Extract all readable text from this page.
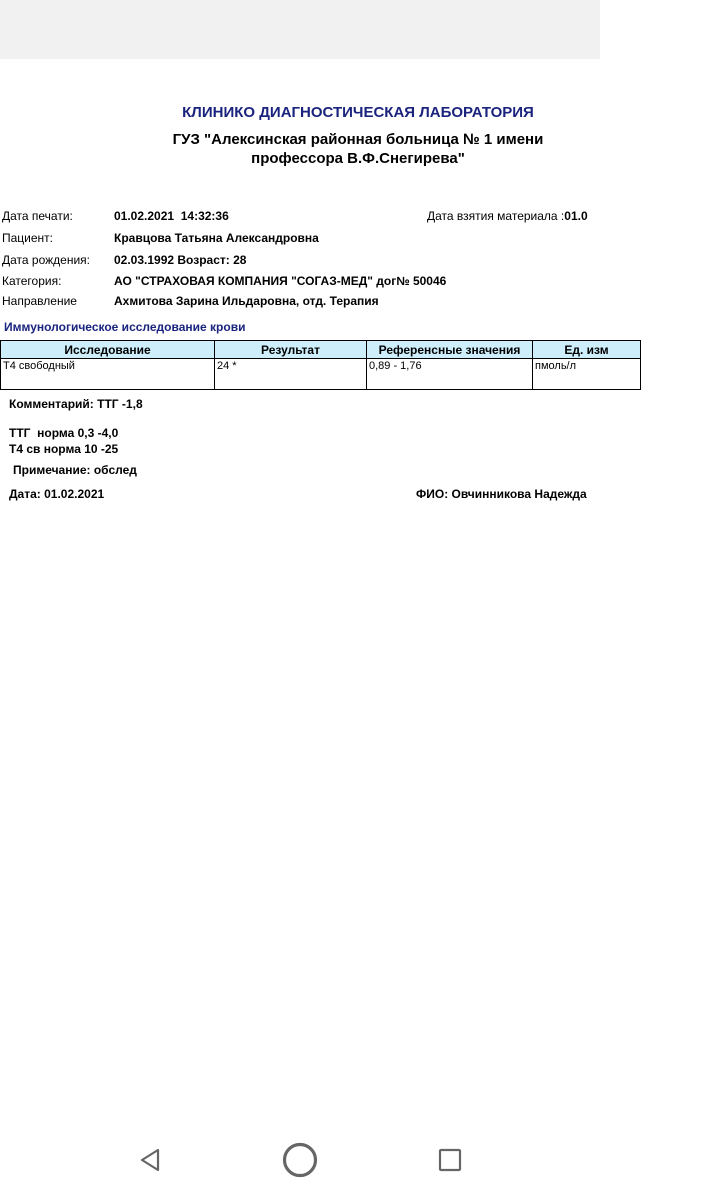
КЛИНИКО ДИАГНОСТИЧЕСКАЯ ЛАБОРАТОРИЯ
ГУЗ "Алексинская районная больница № 1 имени
профессора В.Ф.Снегирева"
Дата печати:	01.02.2021  14:32:36	Дата взятия материала :01.0
Пациент:	Кравцова Татьяна Александровна
Дата рождения: 02.03.1992 Возраст: 28
Категория:	АО "СТРАХОВАЯ КОМПАНИЯ "СОГАЗ-МЕД" дог№ 50046
Направление	Ахмитова Зарина Ильдаровна, отд. Терапия
Иммунологическое исследование крови
Исследование	Результат	Референсные значения	Ед. изм
Т4 свободный	24 *	0,89 - 1,76	пмоль/л
Комментарий: ТТГ -1,8
ТТГ  норма 0,3 -4,0
Т4 св норма 10 -25
Примечание: обслед
Дата: 01.02.2021	ФИО: Овчинникова Надежда
